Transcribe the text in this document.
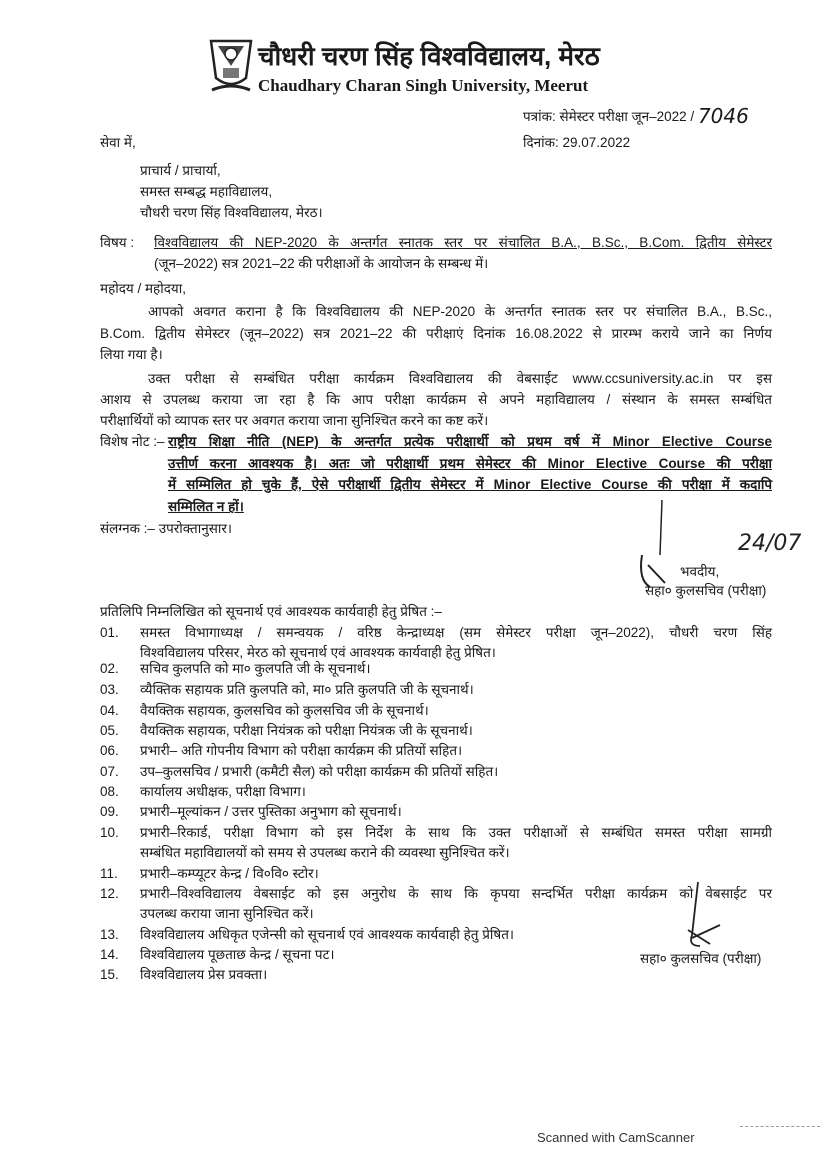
चौधरी चरण सिंह विश्वविद्यालय, मेरठ
Chaudhary Charan Singh University, Meerut
पत्रांक: सेमेस्टर परीक्षा जून–2022 / 7046
दिनांक: 29.07.2022
सेवा में,
प्राचार्य / प्राचार्या,
समस्त सम्बद्ध महाविद्यालय,
चौधरी चरण सिंह विश्वविद्यालय, मेरठ।
विषय : विश्वविद्यालय की NEP-2020 के अन्तर्गत स्नातक स्तर पर संचालित B.A., B.Sc., B.Com. द्वितीय सेमेस्टर
(जून–2022) सत्र 2021–22 की परीक्षाओं के आयोजन के सम्बन्ध में।
महोदय / महोदया,
आपको अवगत कराना है कि विश्वविद्यालय की NEP-2020 के अन्तर्गत स्नातक स्तर पर संचालित B.A., B.Sc.,
B.Com. द्वितीय सेमेस्टर (जून–2022) सत्र 2021–22 की परीक्षाएं दिनांक 16.08.2022 से प्रारम्भ कराये जाने का निर्णय
लिया गया है।
उक्त परीक्षा से सम्बंधित परीक्षा कार्यक्रम विश्वविद्यालय की वेबसाईट www.ccsuniversity.ac.in पर इस
आशय से उपलब्ध कराया जा रहा है कि आप परीक्षा कार्यक्रम से अपने महाविद्यालय / संस्थान के समस्त सम्बंधित
परीक्षार्थियों को व्यापक स्तर पर अवगत कराया जाना सुनिश्चित करने का कष्ट करें।
विशेष नोट :– राष्ट्रीय शिक्षा नीति (NEP) के अन्तर्गत प्रत्येक परीक्षार्थी को प्रथम वर्ष में Minor Elective Course
उत्तीर्ण करना आवश्यक है। अतः जो परीक्षार्थी प्रथम सेमेस्टर की Minor Elective Course की परीक्षा
में सम्मिलित हो चुके हैं, ऐसे परीक्षार्थी द्वितीय सेमेस्टर में Minor Elective Course की परीक्षा में कदापि
सम्मिलित न हों।
संलग्नक :– उपरोक्तानुसार।
24/07
भवदीय,
सहा० कुलसचिव (परीक्षा)
प्रतिलिपि निम्नलिखित को सूचनार्थ एवं आवश्यक कार्यवाही हेतु प्रेषित :–
01. समस्त विभागाध्यक्ष / समन्वयक / वरिष्ठ केन्द्राध्यक्ष (सम सेमेस्टर परीक्षा जून–2022), चौधरी चरण सिंह
विश्वविद्यालय परिसर, मेरठ को सूचनार्थ एवं आवश्यक कार्यवाही हेतु प्रेषित।
02. सचिव कुलपति को मा० कुलपति जी के सूचनार्थ।
03. व्यैक्तिक सहायक प्रति कुलपति को, मा० प्रति कुलपति जी के सूचनार्थ।
04. वैयक्तिक सहायक, कुलसचिव को कुलसचिव जी के सूचनार्थ।
05. वैयक्तिक सहायक, परीक्षा नियंत्रक को परीक्षा नियंत्रक जी के सूचनार्थ।
06. प्रभारी– अति गोपनीय विभाग को परीक्षा कार्यक्रम की प्रतियों सहित।
07. उप–कुलसचिव / प्रभारी (कमैटी सैल) को परीक्षा कार्यक्रम की प्रतियों सहित।
08. कार्यालय अधीक्षक, परीक्षा विभाग।
09. प्रभारी–मूल्यांकन / उत्तर पुस्तिका अनुभाग को सूचनार्थ।
10. प्रभारी–रिकार्ड, परीक्षा विभाग को इस निर्देश के साथ कि उक्त परीक्षाओं से सम्बंधित समस्त परीक्षा सामग्री
सम्बंधित महाविद्यालयों को समय से उपलब्ध कराने की व्यवस्था सुनिश्चित करें।
11. प्रभारी–कम्प्यूटर केन्द्र / वि०वि० स्टोर।
12. प्रभारी–विश्वविद्यालय वेबसाईट को इस अनुरोध के साथ कि कृपया सन्दर्भित परीक्षा कार्यक्रम को वेबसाईट पर
उपलब्ध कराया जाना सुनिश्चित करें।
13. विश्वविद्यालय अधिकृत एजेन्सी को सूचनार्थ एवं आवश्यक कार्यवाही हेतु प्रेषित।
14. विश्वविद्यालय पूछताछ केन्द्र / सूचना पट।
15. विश्वविद्यालय प्रेस प्रवक्ता।
सहा० कुलसचिव (परीक्षा)
Scanned with CamScanner
